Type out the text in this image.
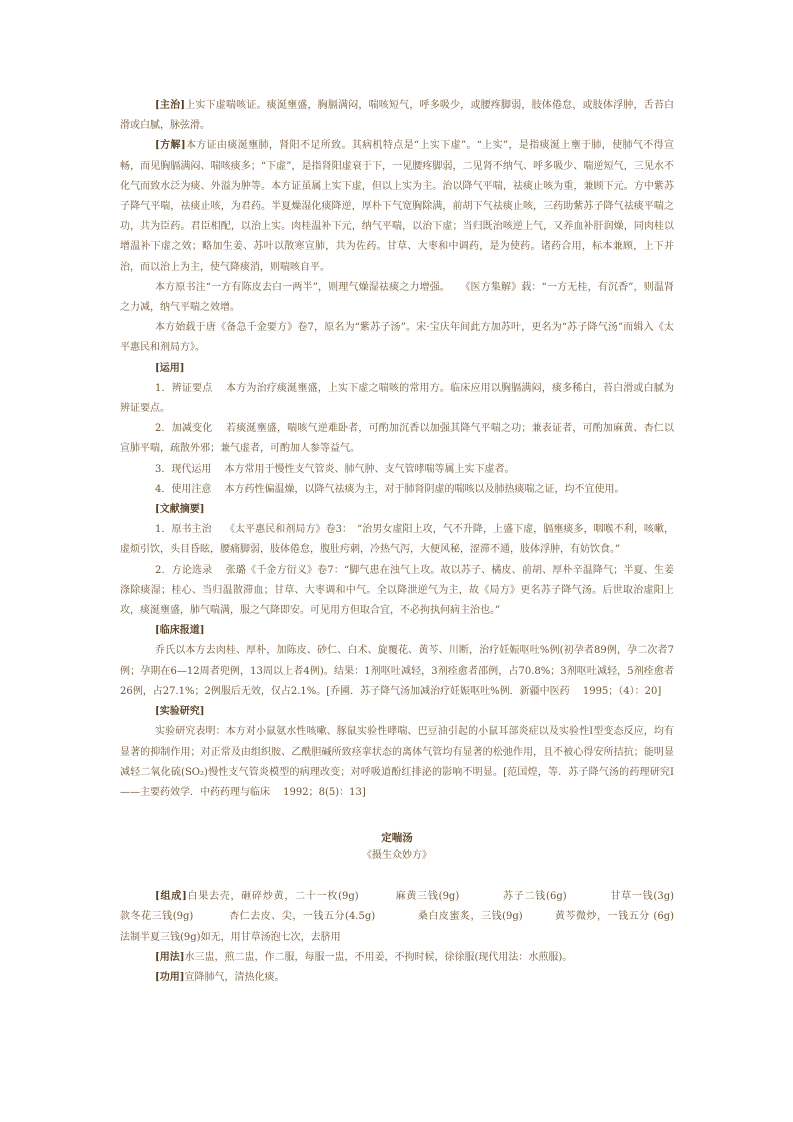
[主治]上实下虚喘咳证。痰涎壅盛，胸膈满闷，喘咳短气，呼多吸少，或腰疼脚弱，肢体倦怠，或肢体浮肿，舌苔白滑或白腻，脉弦滑。

[方解]本方证由痰涎壅肺，肾阳不足所致。其病机特点是“上实下虚”。“上实”，是指痰涎上壅于肺，使肺气不得宣畅，而见胸膈满闷、喘咳痰多；“下虚”，是指肾阳虚衰于下，一见腰疼脚弱，二见肾不纳气、呼多吸少、喘逆短气，三见水不化气而致水泛为痰、外溢为肿等。本方证虽属上实下虚，但以上实为主。治以降气平喘，祛痰止咳为重，兼顾下元。方中紫苏子降气平喘，祛痰止咳，为君药。半夏燥湿化痰降逆，厚朴下气宽胸除满，前胡下气祛痰止咳，三药助紫苏子降气祛痰平喘之功，共为臣药。君臣相配，以治上实。肉桂温补下元，纳气平喘，以治下虚；当归既治咳逆上气，又养血补肝润燥，同肉桂以增温补下虚之效；略加生姜、苏叶以散寒宣肺，共为佐药。甘草、大枣和中调药，是为使药。诸药合用，标本兼顾，上下并治，而以治上为主，使气降痰消，则喘咳自平。

本方原书注“一方有陈皮去白一两半”，则理气燥湿祛痰之力增强。　　《医方集解》载：“一方无桂，有沉香”，则温肾之力减，纳气平喘之效增。

本方始载于唐《备急千金要方》卷7，原名为“紫苏子汤”。宋·宝庆年间此方加苏叶，更名为“苏子降气汤”而辑入《太平惠民和剂局方》。

[运用]

1．辨证要点　 本方为治疗痰涎壅盛，上实下虚之喘咳的常用方。临床应用以胸膈满闷，痰多稀白，苔白滑或白腻为辨证要点。

2．加减变化　 若痰涎壅盛，喘咳气逆难卧者，可酌加沉香以加强其降气平喘之功；兼表证者，可酌加麻黄、杏仁以宣肺平喘，疏散外邪；兼气虚者，可酌加人参等益气。

3．现代运用　 本方常用于慢性支气管炎、肺气肿、支气管哮喘等属上实下虚者。

4．使用注意　 本方药性偏温燥，以降气祛痰为主，对于肺肾阴虚的喘咳以及肺热痰喘之证，均不宜使用。

[文献摘要]

1．原书主治　 《太平惠民和剂局方》卷3：　“治男女虚阳上攻，气不升降，上盛下虚，膈壅痰多，咽喉不利，咳嗽，虚烦引饮，头目昏眩，腰痛脚弱，肢体倦怠，腹肚疞刺，冷热气泻，大便风秘，涩滞不通，肢体浮肿，有妨饮食。”

2．方论选录　 张璐《千金方衍义》卷7：“脚气患在浊气上攻。故以苏子、橘皮、前胡、厚朴辛温降气；半夏、生姜涤除痰湿；桂心、当归温散滞血；甘草、大枣调和中气。全以降泄逆气为主，故《局方》更名苏子降气汤。后世取治虚阳上攻，痰涎壅盛，肺气喘满，服之气降即安。可见用方但取合宜，不必拘执何病主治也。”

[临床报道]

乔氏以本方去肉桂、厚朴，加陈皮、砂仁、白术、旋覆花、黄芩、川断，治疗妊娠呕吐%例(初孕者89例，孕二次者7例；孕期在6—12周者兜例，13周以上者4例)。结果：1剂呕吐减轻，3剂痊愈者邵例，占70.8%；3剂呕吐减轻，5剂痊愈者26例，占27.1%；2例服后无效，仅占2.1%。[乔圃．苏子降气汤加减治疗妊娠呕吐%例．新疆中医药　 1995；（4）：20]

[实验研究]

实验研究表明：本方对小鼠氨水性咳嗽、豚鼠实验性哮喘、巴豆油引起的小鼠耳部炎症以及实验性Ⅰ型变态反应，均有显著的抑制作用；对正常及由组织胺、乙酰胆碱所致痉挛状态的离体气管均有显著的松弛作用，且不被心得安所拮抗；能明显减轻二氧化硫(SO₂)慢性支气管炎模型的病理改变；对呼吸道酚红排泌的影响不明显。[范国煌，等．苏子降气汤的药理研究Ⅰ——主要药效学．中药药理与临床　 1992；8(5)：13]

定喘汤
《摄生众妙方》

[组成]白果去壳，砸碎炒黄，二十一枚(9g)　　　 麻黄三钱(9g)　　　　苏子二钱(6g)　　　　甘草一钱(3g)　　　款冬花三钱(9g)　　　 杏仁去皮、尖，一钱五分(4.5g)　　　　桑白皮蜜炙，三钱(9g)　　　黄芩微炒，一钱五分 (6g)　　　　法制半夏三钱(9g)如无，用甘草汤泡七次，去脐用

[用法]水三盅，煎二盅，作二服，每服一盅，不用姜，不拘时候，徐徐服(现代用法：水煎服)。

[功用]宣降肺气，清热化痰。
